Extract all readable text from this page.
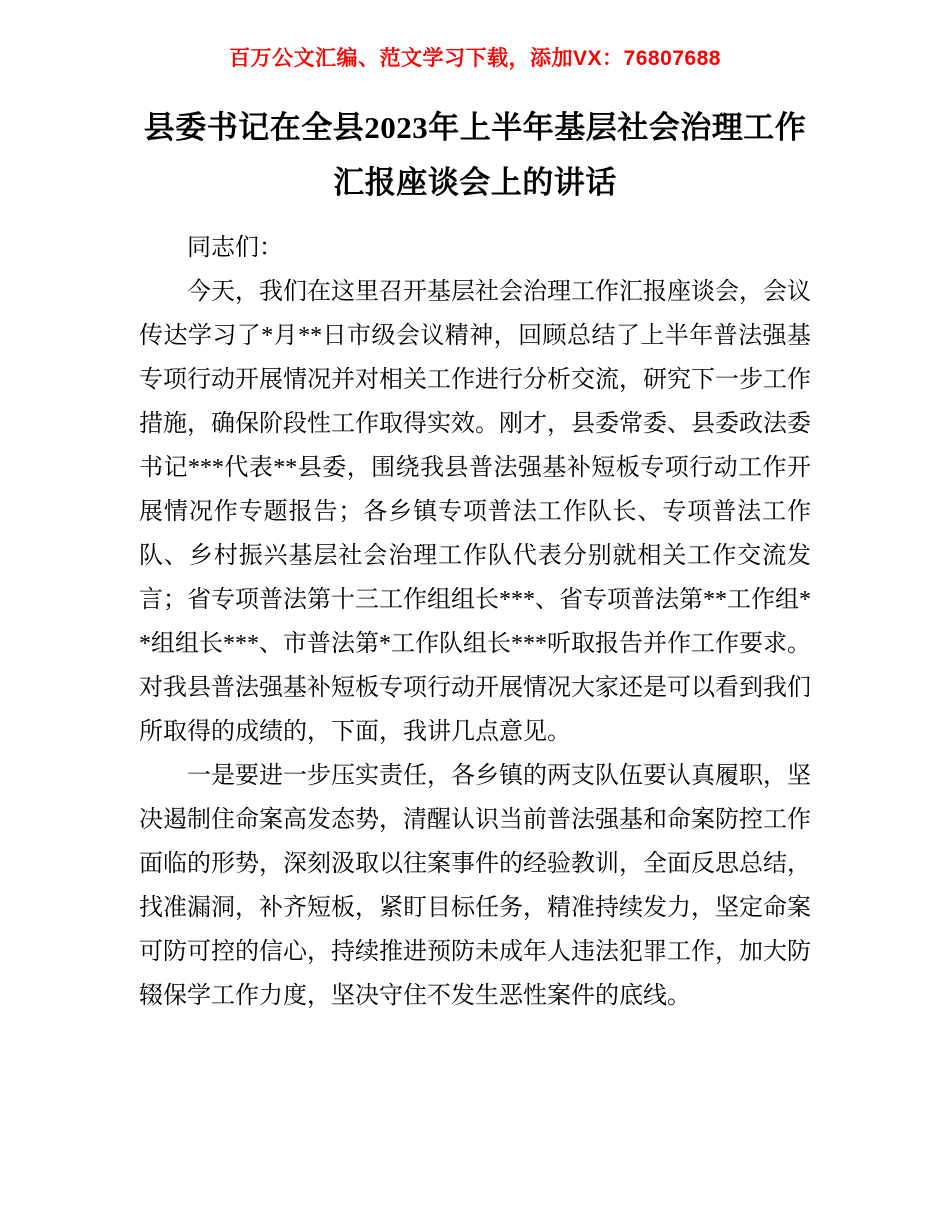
百万公文汇编、范文学习下载，添加VX：76807688
县委书记在全县2023年上半年基层社会治理工作汇报座谈会上的讲话

同志们：

今天，我们在这里召开基层社会治理工作汇报座谈会，会议传达学习了*月**日市级会议精神，回顾总结了上半年普法强基专项行动开展情况并对相关工作进行分析交流，研究下一步工作措施，确保阶段性工作取得实效。刚才，县委常委、县委政法委书记***代表**县委，围绕我县普法强基补短板专项行动工作开展情况作专题报告；各乡镇专项普法工作队长、专项普法工作队、乡村振兴基层社会治理工作队代表分别就相关工作交流发言；省专项普法第十三工作组组长***、省专项普法第**工作组**组组长***、市普法第*工作队组长***听取报告并作工作要求。对我县普法强基补短板专项行动开展情况大家还是可以看到我们所取得的成绩的，下面，我讲几点意见。

一是要进一步压实责任，各乡镇的两支队伍要认真履职，坚决遏制住命案高发态势，清醒认识当前普法强基和命案防控工作面临的形势，深刻汲取以往案事件的经验教训，全面反思总结，找准漏洞，补齐短板，紧盯目标任务，精准持续发力，坚定命案可防可控的信心，持续推进预防未成年人违法犯罪工作，加大防辍保学工作力度，坚决守住不发生恶性案件的底线。
